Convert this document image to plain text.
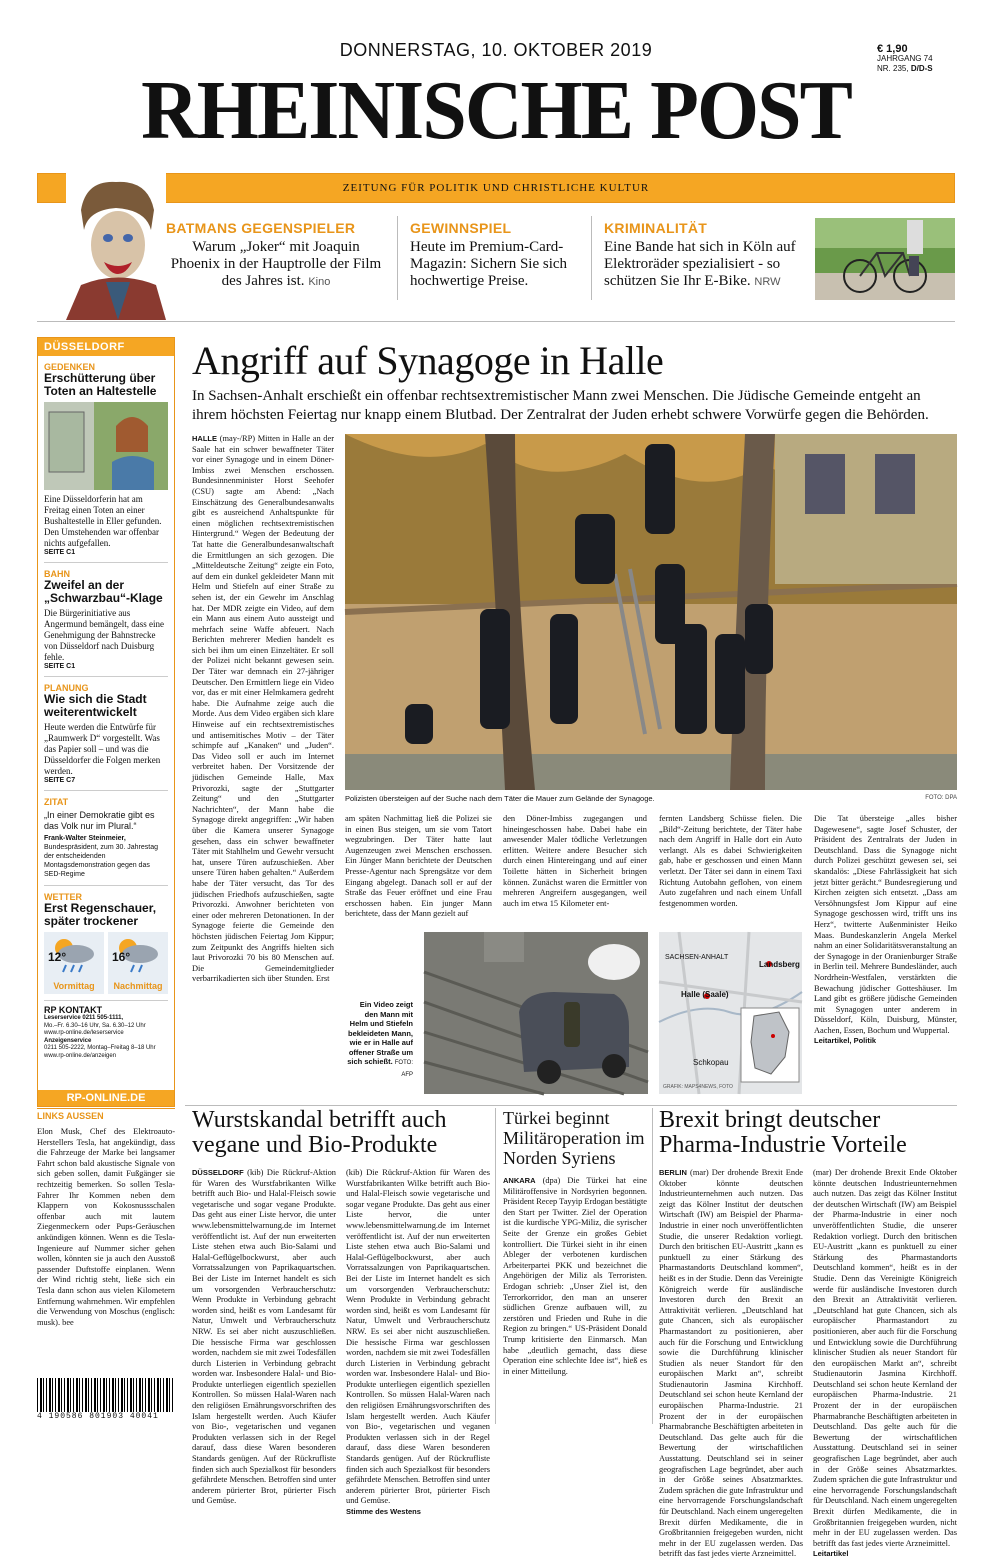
DONNERSTAG, 10. OKTOBER 2019	€ 1,90
JAHRGANG 74
NR. 235, D/D-S
RHEINISCHE POST
ZEITUNG FÜR POLITIK UND CHRISTLICHE KULTUR
BATMANS GEGENSPIELER
Warum „Joker“ mit Joaquin Phoenix in der Hauptrolle der Film des Jahres ist. Kino
GEWINNSPIEL
Heute im Premium-Card-Magazin: Sichern Sie sich hochwertige Preise.
KRIMINALITÄT
Eine Bande hat sich in Köln auf Elektroräder spezialisiert - so schützen Sie Ihr E-Bike. NRW
DÜSSELDORF
GEDENKEN
Erschütterung über Toten an Haltestelle
Eine Düsseldorferin hat am Freitag einen Toten an einer Bushaltestelle in Eller gefunden. Den Umstehenden war offenbar nichts aufgefallen.
SEITE C1
BAHN
Zweifel an der „Schwarzbau“-Klage
Die Bürgerinitiative aus Angermund bemängelt, dass eine Genehmigung der Bahnstrecke von Düsseldorf nach Duisburg fehle.
SEITE C1
PLANUNG
Wie sich die Stadt weiterentwickelt
Heute werden die Entwürfe für „Raumwerk D“ vorgestellt. Was das Papier soll – und was die Düsseldorfer die Folgen merken werden.
SEITE C7
ZITAT
„In einer Demokratie gibt es das Volk nur im Plural.“
Frank-Walter Steinmeier, Bundespräsident, zum 30. Jahrestag der entscheidenden Montagsdemonstration gegen das SED-Regime
WETTER
Erst Regenschauer, später trockener
12°
Vormittag
16°
Nachmittag
RP KONTAKT
Leserservice 0211 505-1111,
Mo.–Fr. 6.30–16 Uhr, Sa. 6.30–12 Uhr
www.rp-online.de/leserservice
Anzeigenservice
0211 505-2222, Montag–Freitag 8–18 Uhr
www.rp-online.de/anzeigen
RP-ONLINE.DE
Angriff auf Synagoge in Halle
In Sachsen-Anhalt erschießt ein offenbar rechtsextremistischer Mann zwei Menschen. Die Jüdische Gemeinde entgeht an ihrem höchsten Feiertag nur knapp einem Blutbad. Der Zentralrat der Juden erhebt schwere Vorwürfe gegen die Behörden.
HALLE (may-/RP) Mitten in Halle an der Saale hat ein schwer bewaffneter Täter vor einer Synagoge und in einem Döner-Imbiss zwei Menschen erschossen. Bundesinnenminister Horst Seehofer (CSU) sagte am Abend: „Nach Einschätzung des Generalbundesanwalts gibt es ausreichend Anhaltspunkte für einen möglichen rechtsextremistischen Hintergrund.“ Wegen der Bedeutung der Tat hatte die Generalbundesanwaltschaft die Ermittlungen an sich gezogen. Die „Mitteldeutsche Zeitung“ zeigte ein Foto, auf dem ein dunkel gekleideter Mann mit Helm und Stiefeln auf einer Straße zu sehen ist, der ein Gewehr im Anschlag hat. Der MDR zeigte ein Video, auf dem ein Mann aus einem Auto aussteigt und mehrfach seine Waffe abfeuert. Nach Berichten mehrerer Medien handelt es sich bei ihm um einen Einzeltäter. Er soll der Polizei nicht bekannt gewesen sein. Der Täter war demnach ein 27-jähriger Deutscher. Den Ermittlern liege ein Video vor, das er mit einer Helmkamera gedreht habe. Die Aufnahme zeige auch die Morde. Aus dem Video ergäben sich klare Hinweise auf ein rechtsextremistisches und antisemitisches Motiv – der Täter schimpfe auf „Kanaken“ und „Juden“. Das Video soll er auch im Internet verbreitet haben. Der Vorsitzende der jüdischen Gemeinde Halle, Max Privorozki, sagte der „Stuttgarter Zeitung“ und den „Stuttgarter Nachrichten“, der Mann habe die Synagoge direkt angegriffen: „Wir haben über die Kamera unserer Synagoge gesehen, dass ein schwer bewaffneter Täter mit Stahlhelm und Gewehr versucht hat, unsere Türen aufzuschießen. Aber unsere Türen haben gehalten.“ Außerdem habe der Täter versucht, das Tor des jüdischen Friedhofs aufzuschießen, sagte Privorozki. Anwohner berichteten von einer oder mehreren Detonationen. In der Synagoge feierte die Gemeinde den höchsten jüdischen Feiertag Jom Kippur; zum Zeitpunkt des Angriffs hielten sich laut Privorozki 70 bis 80 Menschen auf. Die Gemeindemitglieder verbarrikadierten sich über Stunden. Erst
Polizisten übersteigen auf der Suche nach dem Täter die Mauer zum Gelände der Synagoge.	FOTO: DPA
am späten Nachmittag ließ die Polizei sie in einen Bus steigen, um sie vom Tatort wegzubringen. Der Täter hatte laut Augenzeugen zwei Menschen erschossen. Ein Jünger Mann berichtete der Deutschen Presse-Agentur nach Sprengsätze vor dem Eingang abgelegt. Danach soll er auf der Straße das Feuer eröffnet und eine Frau erschossen haben. Ein junger Mann berichtete, dass der Mann gezielt auf
den Döner-Imbiss zugegangen und hineingeschossen habe. Dabei habe ein anwesender Maler tödliche Verletzungen erlitten. Weitere andere Besucher sich durch einen Hintereingang und auf einer Toilette hätten in Sicherheit bringen können. Zunächst waren die Ermittler von mehreren Angreifern ausgegangen, weil auch im etwa 15 Kilometer ent-
fernten Landsberg Schüsse fielen. Die „Bild“-Zeitung berichtete, der Täter habe nach dem Angriff in Halle dort ein Auto verlangt. Als es dabei Schwierigkeiten gab, habe er geschossen und einen Mann verletzt. Der Täter sei dann in einem Taxi Richtung Autobahn geflohen, von einem Auto zugefahren und nach einem Unfall festgenommen worden.
Die Tat übersteige „alles bisher Dagewesene“, sagte Josef Schuster, der Präsident des Zentralrats der Juden in Deutschland. Dass die Synagoge nicht durch Polizei geschützt gewesen sei, sei skandalös: „Diese Fahrlässigkeit hat sich jetzt bitter gerächt.“ Bundesregierung und Kirchen zeigten sich entsetzt. „Dass am Versöhnungsfest Jom Kippur auf eine Synagoge geschossen wird, trifft uns ins Herz“, twitterte Außenminister Heiko Maas. Bundeskanzlerin Angela Merkel nahm an einer Solidaritätsveranstaltung an der Synagoge in der Oranienburger Straße in Berlin teil. Mehrere Bundesländer, auch Nordrhein-Westfalen, verstärkten die Bewachung jüdischer Gotteshäuser. Im Land gibt es größere jüdische Gemeinden mit Synagogen unter anderem in Düsseldorf, Köln, Duisburg, Münster, Aachen, Essen, Bochum und Wuppertal.
Leitartikel, Politik
Ein Video zeigt den Mann mit Helm und Stiefeln bekleideten Mann, wie er in Halle auf offener Straße um sich schießt. FOTO: AFP
SACHSEN-ANHALT
Landsberg
Halle (Saale)
Schkopau
GRAFIK: MAPS4NEWS, FOTO
LINKS AUSSEN
Elon Musk, Chef des Elektroauto-Herstellers Tesla, hat angekündigt, dass die Fahrzeuge der Marke bei langsamer Fahrt schon bald akustische Signale von sich geben sollen, damit Fußgänger sie rechtzeitig bemerken. So sollen Tesla-Fahrer Ihr Kommen neben dem Klappern von Kokosnussschalen offenbar auch mit lautem Ziegenmeckern oder Pups-Geräuschen ankündigen können. Wenn es die Tesla-Ingenieure auf Nummer sicher gehen wollen, könnten sie ja auch den Ausstoß passender Duftstoffe einplanen. Wenn der Wind richtig steht, ließe sich ein Tesla dann schon aus vielen Kilometern Entfernung wahrnehmen. Wir empfehlen die Verwendung von Moschus (englisch: musk). bee
4 190586 801903 40041
Wurstskandal betrifft auch vegane und Bio-Produkte
DÜSSELDORF (kib) Die Rückruf-Aktion für Waren des Wurstfabrikanten Wilke betrifft auch Bio- und Halal-Fleisch sowie vegetarische und sogar vegane Produkte. Das geht aus einer Liste hervor, die unter www.lebensmittelwarnung.de im Internet veröffentlicht ist. Auf der nun erweiterten Liste stehen etwa auch Bio-Salami und Halal-Geflügelbockwurst, aber auch Vorratssalzungen von Paprikaquartschen. Bei der Liste im Internet handelt es sich um vorsorgenden Verbraucherschutz: Wenn Produkte in Verbindung gebracht worden sind, heißt es vom Landesamt für Natur, Umwelt und Verbraucherschutz NRW. Es sei aber nicht auszuschließen. Die hessische Firma war geschlossen worden, nachdem sie mit zwei Todesfällen durch Listerien in Verbindung gebracht worden war. Insbesondere Halal- und Bio-Produkte unterliegen eigentlich speziellen Kontrollen. So müssen Halal-Waren nach den religiösen Ernährungsvorschriften des Islam hergestellt werden. Auch Käufer von Bio-, vegetarischen und veganen Produkten verlassen sich in der Regel darauf, dass diese Waren besonderen Standards genügen. Auf der Rückrufliste finden sich auch Spezialkost für besonders gefährdete Menschen. Betroffen sind unter anderem pürierter Brot, pürierter Fisch und Gemüse.
(kib) Die Rückruf-Aktion für Waren des Wurstfabrikanten Wilke betrifft auch Bio- und Halal-Fleisch sowie vegetarische und sogar vegane Produkte. Das geht aus einer Liste hervor, die unter www.lebensmittelwarnung.de im Internet veröffentlicht ist. Auf der nun erweiterten Liste stehen etwa auch Bio-Salami und Halal-Geflügelbockwurst, aber auch Vorratssalzungen von Paprikaquartschen. Bei der Liste im Internet handelt es sich um vorsorgenden Verbraucherschutz: Wenn Produkte in Verbindung gebracht worden sind, heißt es vom Landesamt für Natur, Umwelt und Verbraucherschutz NRW. Es sei aber nicht auszuschließen. Die hessische Firma war geschlossen worden, nachdem sie mit zwei Todesfällen durch Listerien in Verbindung gebracht worden war. Insbesondere Halal- und Bio-Produkte unterliegen eigentlich speziellen Kontrollen. So müssen Halal-Waren nach den religiösen Ernährungsvorschriften des Islam hergestellt werden. Auch Käufer von Bio-, vegetarischen und veganen Produkten verlassen sich in der Regel darauf, dass diese Waren besonderen Standards genügen. Auf der Rückrufliste finden sich auch Spezialkost für besonders gefährdete Menschen. Betroffen sind unter anderem pürierter Brot, pürierter Fisch und Gemüse.
Stimme des Westens
Türkei beginnt Militäroperation im Norden Syriens
ANKARA (dpa) Die Türkei hat eine Militäroffensive in Nordsyrien begonnen. Präsident Recep Tayyip Erdogan bestätigte den Start per Twitter. Ziel der Operation ist die kurdische YPG-Miliz, die syrischer Seite der Grenze ein großes Gebiet kontrolliert. Die Türkei sieht in ihr einen Ableger der verbotenen kurdischen Arbeiterpartei PKK und bezeichnet die Angehörigen der Miliz als Terroristen. Erdogan schrieb: „Unser Ziel ist, den Terrorkorridor, den man an unserer südlichen Grenze aufbauen will, zu zerstören und Frieden und Ruhe in die Region zu bringen.“ US-Präsident Donald Trump kritisierte den Einmarsch. Man habe „deutlich gemacht, dass diese Operation eine schlechte Idee ist“, hieß es in einer Mitteilung.
Brexit bringt deutscher Pharma-Industrie Vorteile
BERLIN (mar) Der drohende Brexit Ende Oktober könnte deutschen Industrieunternehmen auch nutzen. Das zeigt das Kölner Institut der deutschen Wirtschaft (IW) am Beispiel der Pharma-Industrie in einer noch unveröffentlichten Studie, die unserer Redaktion vorliegt. Durch den britischen EU-Austritt „kann es punktuell zu einer Stärkung des Pharmastandorts Deutschland kommen“, heißt es in der Studie. Denn das Vereinigte Königreich werde für ausländische Investoren durch den Brexit an Attraktivität verlieren. „Deutschland hat gute Chancen, sich als europäischer Pharmastandort zu positionieren, aber auch für die Forschung und Entwicklung sowie die Durchführung klinischer Studien als neuer Standort für den europäischen Markt an“, schreibt Studienautorin Jasmina Kirchhoff. Deutschland sei schon heute Kernland der europäischen Pharma-Industrie. 21 Prozent der in der europäischen Pharmabranche Beschäftigten arbeiteten in Deutschland. Das gelte auch für die Bewertung der wirtschaftlichen Ausstattung. Deutschland sei in seiner geografischen Lage begründet, aber auch in der Größe seines Absatzmarktes. Zudem sprächen die gute Infrastruktur und eine hervorragende Forschungslandschaft für Deutschland. Nach einem ungeregelten Brexit dürfen Medikamente, die in Großbritannien freigegeben wurden, nicht mehr in der EU zugelassen werden. Das betrifft das fast jedes vierte Arzneimittel.
(mar) Der drohende Brexit Ende Oktober könnte deutschen Industrieunternehmen auch nutzen. Das zeigt das Kölner Institut der deutschen Wirtschaft (IW) am Beispiel der Pharma-Industrie in einer noch unveröffentlichten Studie, die unserer Redaktion vorliegt. Durch den britischen EU-Austritt „kann es punktuell zu einer Stärkung des Pharmastandorts Deutschland kommen“, heißt es in der Studie. Denn das Vereinigte Königreich werde für ausländische Investoren durch den Brexit an Attraktivität verlieren. „Deutschland hat gute Chancen, sich als europäischer Pharmastandort zu positionieren, aber auch für die Forschung und Entwicklung sowie die Durchführung klinischer Studien als neuer Standort für den europäischen Markt an“, schreibt Studienautorin Jasmina Kirchhoff. Deutschland sei schon heute Kernland der europäischen Pharma-Industrie. 21 Prozent der in der europäischen Pharmabranche Beschäftigten arbeiteten in Deutschland. Das gelte auch für die Bewertung der wirtschaftlichen Ausstattung. Deutschland sei in seiner geografischen Lage begründet, aber auch in der Größe seines Absatzmarktes. Zudem sprächen die gute Infrastruktur und eine hervorragende Forschungslandschaft für Deutschland. Nach einem ungeregelten Brexit dürfen Medikamente, die in Großbritannien freigegeben wurden, nicht mehr in der EU zugelassen werden. Das betrifft das fast jedes vierte Arzneimittel.
Leitartikel
